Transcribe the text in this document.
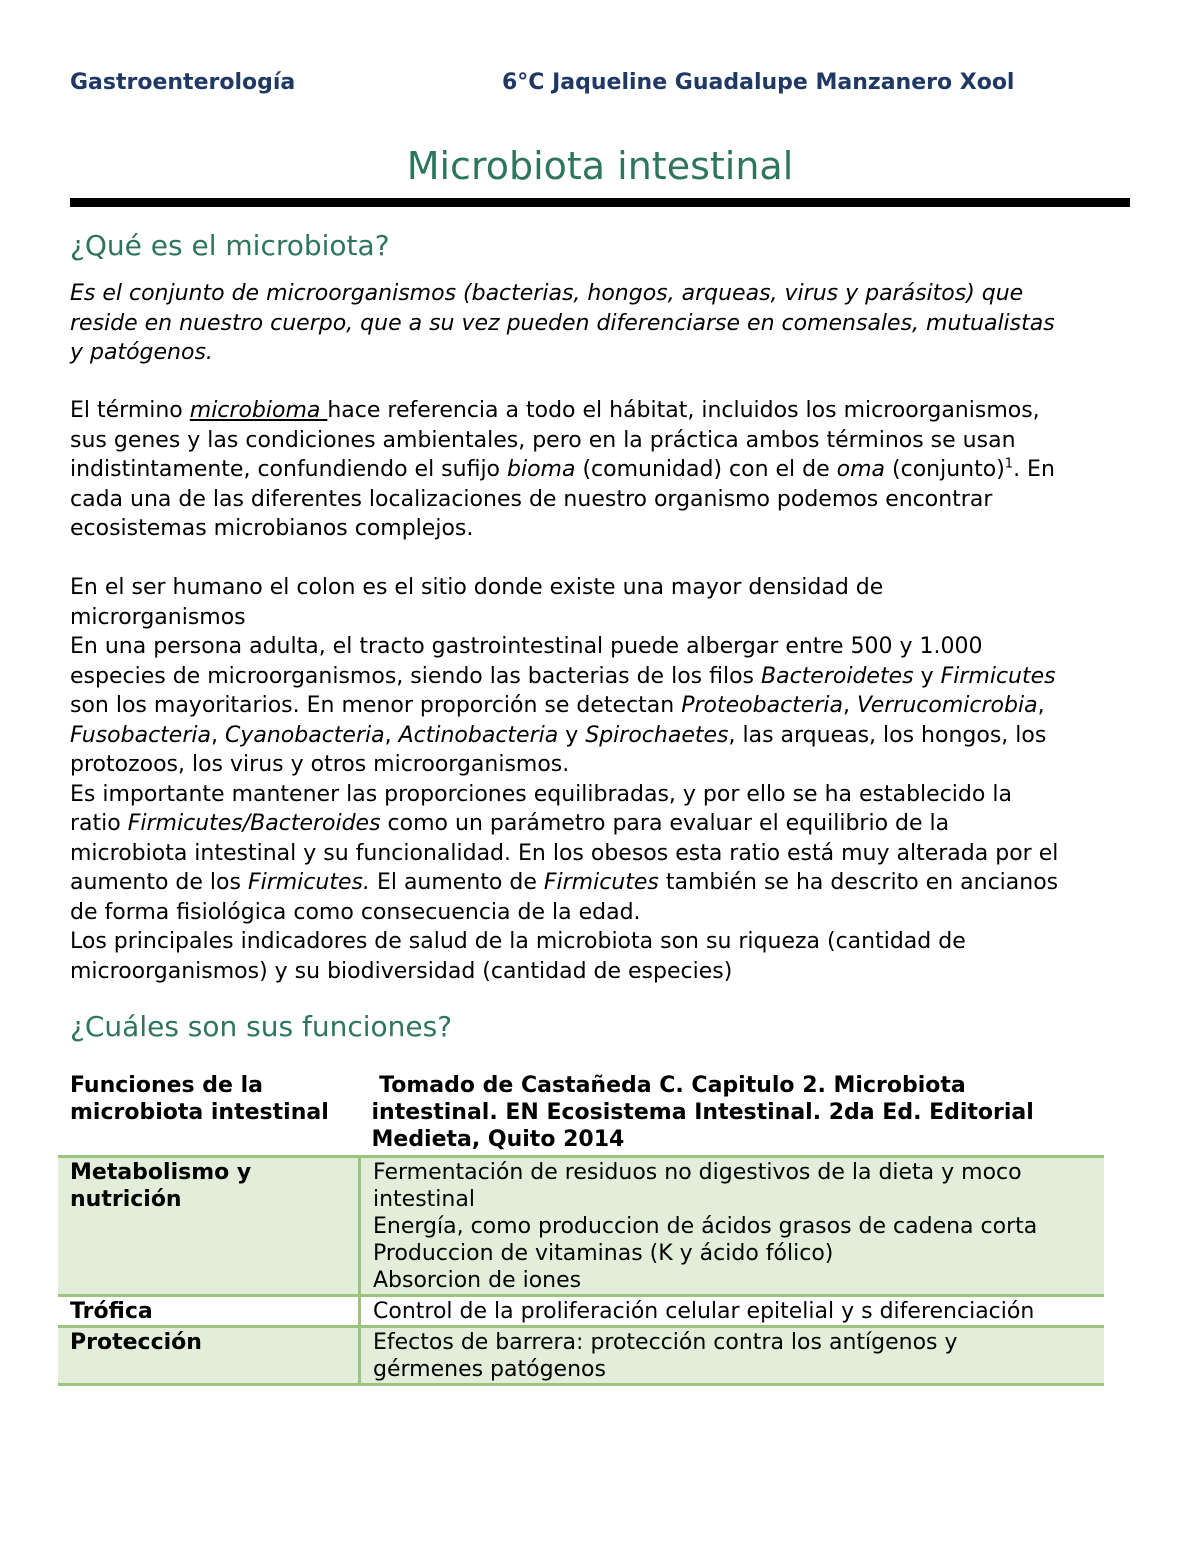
Gastroenterología	6°C Jaqueline Guadalupe Manzanero Xool
Microbiota intestinal
¿Qué es el microbiota?
Es el conjunto de microorganismos (bacterias, hongos, arqueas, virus y parásitos) que
reside en nuestro cuerpo, que a su vez pueden diferenciarse en comensales, mutualistas
y patógenos.
El término microbioma hace referencia a todo el hábitat, incluidos los microorganismos,
sus genes y las condiciones ambientales, pero en la práctica ambos términos se usan
indistintamente, confundiendo el sufijo bioma (comunidad) con el de oma (conjunto)$^1$. En
cada una de las diferentes localizaciones de nuestro organismo podemos encontrar
ecosistemas microbianos complejos.
En el ser humano el colon es el sitio donde existe una mayor densidad de
microrganismos
En una persona adulta, el tracto gastrointestinal puede albergar entre 500 y 1.000
especies de microorganismos, siendo las bacterias de los filos Bacteroidetes y Firmicutes
son los mayoritarios. En menor proporción se detectan Proteobacteria, Verrucomicrobia,
Fusobacteria, Cyanobacteria, Actinobacteria y Spirochaetes, las arqueas, los hongos, los
protozoos, los virus y otros microorganismos.
Es importante mantener las proporciones equilibradas, y por ello se ha establecido la
ratio Firmicutes/Bacteroides como un parámetro para evaluar el equilibrio de la
microbiota intestinal y su funcionalidad. En los obesos esta ratio está muy alterada por el
aumento de los Firmicutes. El aumento de Firmicutes también se ha descrito en ancianos
de forma fisiológica como consecuencia de la edad.
Los principales indicadores de salud de la microbiota son su riqueza (cantidad de
microorganismos) y su biodiversidad (cantidad de especies)
¿Cuáles son sus funciones?
Funciones de la
microbiota intestinal	Tomado de Castañeda C. Capitulo 2. Microbiota
intestinal. EN Ecosistema Intestinal. 2da Ed. Editorial
Medieta, Quito 2014

Metabolismo y
nutrición	Fermentación de residuos no digestivos de la dieta y moco
intestinal
Energía, como produccion de ácidos grasos de cadena corta
Produccion de vitaminas (K y ácido fólico)
Absorcion de iones

Trófica	Control de la proliferación celular epitelial y s diferenciación

Protección	Efectos de barrera: protección contra los antígenos y
gérmenes patógenos
